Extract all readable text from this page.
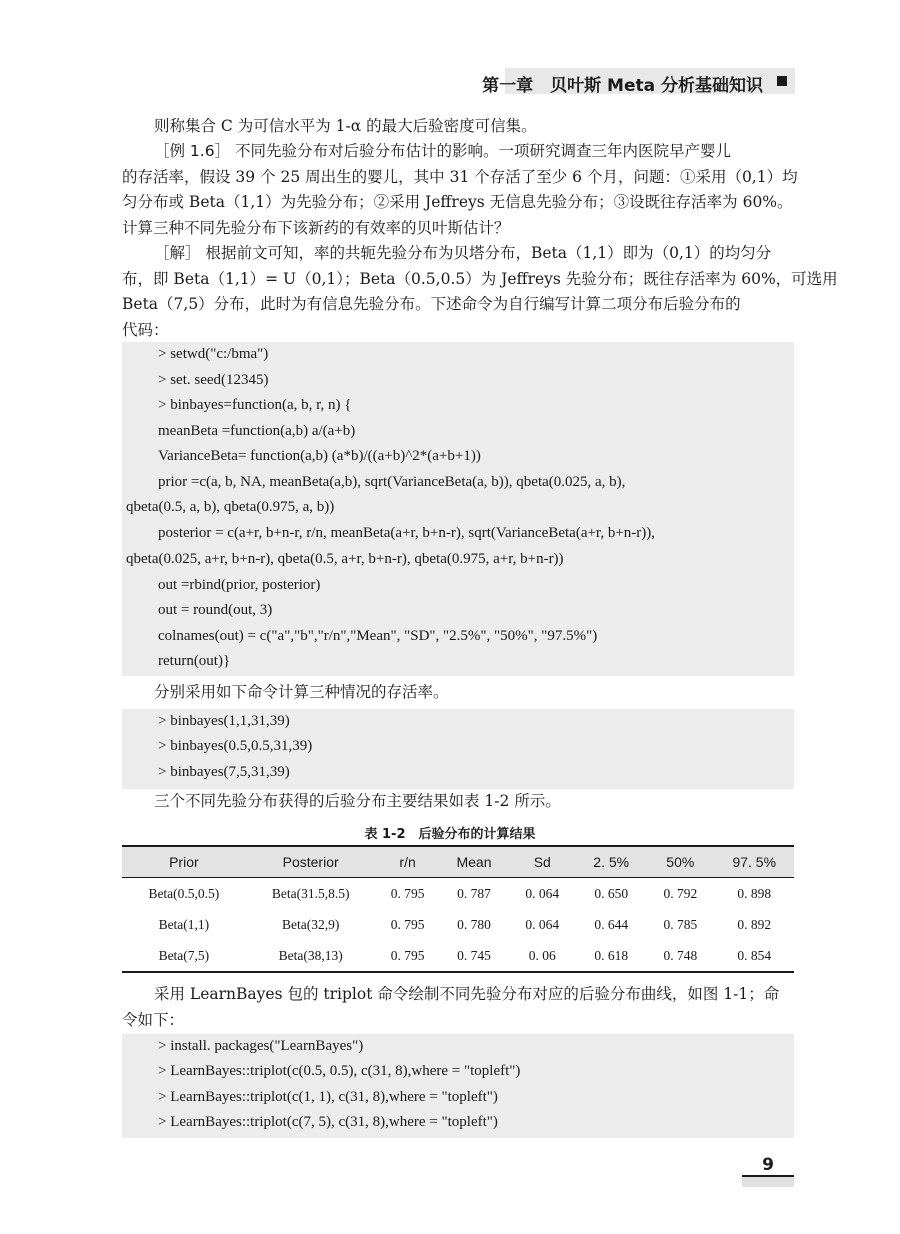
第一章　贝叶斯 Meta 分析基础知识

则称集合 C 为可信水平为 1-α 的最大后验密度可信集。

［例 1.6］ 不同先验分布对后验分布估计的影响。一项研究调查三年内医院早产婴儿
的存活率，假设 39 个 25 周出生的婴儿，其中 31 个存活了至少 6 个月，问题：①采用（0,1）均
匀分布或 Beta（1,1）为先验分布；②采用 Jeffreys 无信息先验分布；③设既往存活率为 60%。
计算三种不同先验分布下该新药的有效率的贝叶斯估计？

［解］ 根据前文可知，率的共轭先验分布为贝塔分布，Beta（1,1）即为（0,1）的均匀分
布，即 Beta（1,1）= U（0,1）；Beta（0.5,0.5）为 Jeffreys 先验分布；既往存活率为 60%，可选用
Beta（7,5）分布，此时为有信息先验分布。下述命令为自行编写计算二项分布后验分布的
代码：

> setwd("c:/bma")
> set. seed(12345)
> binbayes=function(a, b, r, n) {
meanBeta =function(a,b) a/(a+b)
VarianceBeta= function(a,b) (a*b)/((a+b)^2*(a+b+1))
prior =c(a, b, NA, meanBeta(a,b), sqrt(VarianceBeta(a, b)), qbeta(0.025, a, b),
qbeta(0.5, a, b), qbeta(0.975, a, b))
posterior = c(a+r, b+n-r, r/n, meanBeta(a+r, b+n-r), sqrt(VarianceBeta(a+r, b+n-r)),
qbeta(0.025, a+r, b+n-r), qbeta(0.5, a+r, b+n-r), qbeta(0.975, a+r, b+n-r))
out =rbind(prior, posterior)
out = round(out, 3)
colnames(out) = c("a","b","r/n","Mean", "SD", "2.5%", "50%", "97.5%")
return(out)}

分别采用如下命令计算三种情况的存活率。

> binbayes(1,1,31,39)
> binbayes(0.5,0.5,31,39)
> binbayes(7,5,31,39)

三个不同先验分布获得的后验分布主要结果如表 1-2 所示。

表 1-2　后验分布的计算结果
Prior	Posterior	r/n	Mean	Sd	2. 5%	50%	97. 5%
Beta(0.5,0.5)	Beta(31.5,8.5)	0. 795	0. 787	0. 064	0. 650	0. 792	0. 898
Beta(1,1)	Beta(32,9)	0. 795	0. 780	0. 064	0. 644	0. 785	0. 892
Beta(7,5)	Beta(38,13)	0. 795	0. 745	0. 06	0. 618	0. 748	0. 854

采用 LearnBayes 包的 triplot 命令绘制不同先验分布对应的后验分布曲线，如图 1-1；命
令如下：

> install. packages("LearnBayes")
> LearnBayes::triplot(c(0.5, 0.5), c(31, 8),where = "topleft")
> LearnBayes::triplot(c(1, 1), c(31, 8),where = "topleft")
> LearnBayes::triplot(c(7, 5), c(31, 8),where = "topleft")
9
